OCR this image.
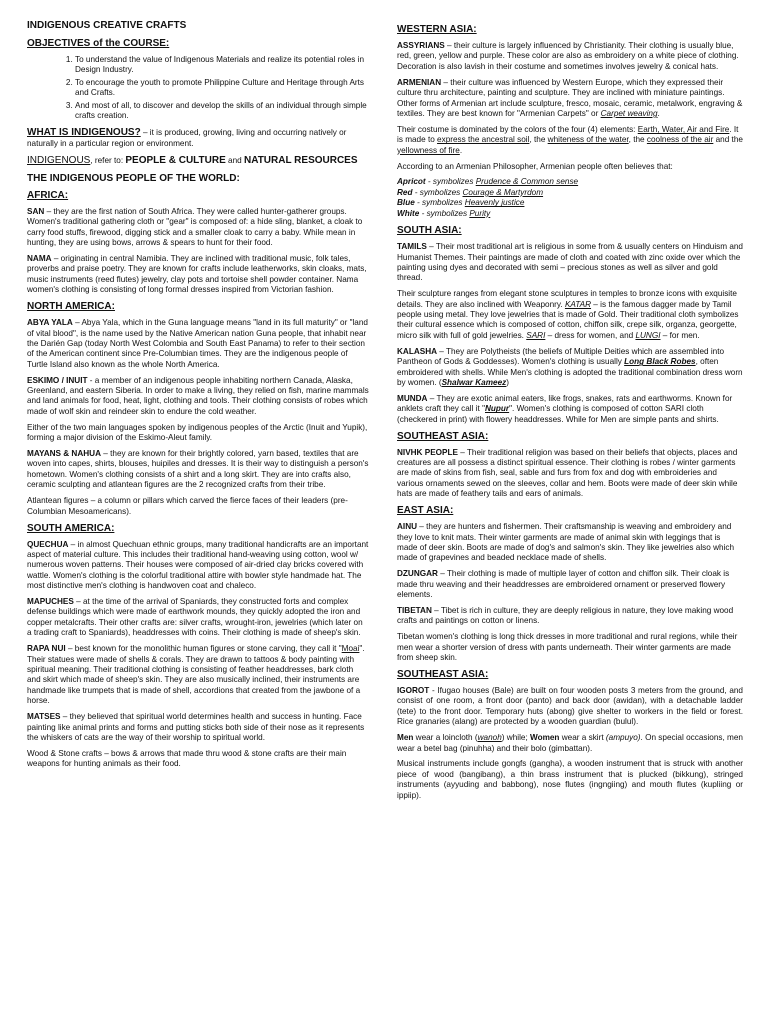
INDIGENOUS CREATIVE CRAFTS
OBJECTIVES of the COURSE:
1. To understand the value of Indigenous Materials and realize its potential roles in Design Industry.
2. To encourage the youth to promote Philippine Culture and Heritage through Arts and Crafts.
3. And most of all, to discover and develop the skills of an individual through simple crafts creation.

WHAT IS INDIGENOUS? – it is produced, growing, living and occurring natively or naturally in a particular region or environment.

INDIGENOUS, refer to: PEOPLE & CULTURE and NATURAL RESOURCES

THE INDIGENOUS PEOPLE OF THE WORLD:
AFRICA:

SAN – they are the first nation of South Africa. They were called hunter-gatherer groups. Women's traditional gathering cloth or "gear" is composed of: a hide sling, blanket, a cloak to carry food stuffs, firewood, digging stick and a smaller cloak to carry a baby. While mean in hunting, they are using bows, arrows & spears to hunt for their food.

NAMA – originating in central Namibia. They are inclined with traditional music, folk tales, proverbs and praise poetry. They are known for crafts include leatherworks, skin cloaks, mats, music instruments (reed flutes) jewelry, clay pots and tortoise shell powder container. Nama women's clothing is consisting of long formal dresses inspired from Victorian fashion.

NORTH AMERICA:

ABYA YALA – Abya Yala, which in the Guna language means "land in its full maturity" or "land of vital blood", is the name used by the Native American nation Guna people, that inhabit near the Darién Gap (today North West Colombia and South East Panama) to refer to their section of the American continent since Pre-Columbian times. They are the indigenous people of Turtle Island also known as the whole North America.

ESKIMO / INUIT - a member of an indigenous people inhabiting northern Canada, Alaska, Greenland, and eastern Siberia. In order to make a living, they relied on fish, marine mammals and land animals for food, heat, light, clothing and tools. Their clothing consists of robes which made of wolf skin and reindeer skin to endure the cold weather.

Either of the two main languages spoken by indigenous peoples of the Arctic (Inuit and Yupik), forming a major division of the Eskimo-Aleut family.

MAYANS & NAHUA – they are known for their brightly colored, yarn based, textiles that are woven into capes, shirts, blouses, huipiles and dresses. It is their way to distinguish a person's hometown. Women's clothing consists of a shirt and a long skirt. They are into crafts also, ceramic sculpting and atlantean figures are the 2 recognized crafts from their tribe.

Atlantean figures – a column or pillars which carved the fierce faces of their leaders (pre-Columbian Mesoamericans).

SOUTH AMERICA:

QUECHUA – in almost Quechuan ethnic groups, many traditional handicrafts are an important aspect of material culture. This includes their traditional hand-weaving using cotton, wool w/ numerous woven patterns. Their houses were composed of air-dried clay bricks covered with wattle. Women's clothing is the colorful traditional attire with bowler style handmade hat. The most distinctive men's clothing is handwoven coat and chaleco.

MAPUCHES – at the time of the arrival of Spaniards, they constructed forts and complex defense buildings which were made of earthwork mounds, they quickly adopted the iron and copper metalcrafts. Their other crafts are: silver crafts, wrought-iron, jewelries (which later on a trading craft to Spaniards), headdresses with coins. Their clothing is made of sheep's skin.

RAPA NUI – best known for the monolithic human figures or stone carving, they call it "Moai". Their statues were made of shells & corals. They are drawn to tattoos & body painting with spiritual meaning. Their traditional clothing is consisting of feather headdresses, bark cloth and skirt which made of sheep's skin. They are also musically inclined, their instruments are handmade like trumpets that is made of shell, accordions that created from the jawbone of a horse.

MATSES – they believed that spiritual world determines health and success in hunting. Face painting like animal prints and forms and putting sticks both side of their nose as it represents the whiskers of cats are the way of their worship to spiritual world.

Wood & Stone crafts – bows & arrows that made thru wood & stone crafts are their main weapons for hunting animals as their food.

WESTERN ASIA:

ASSYRIANS – their culture is largely influenced by Christianity. Their clothing is usually blue, red, green, yellow and purple. These color are also as embroidery on a white piece of clothing. Decoration is also lavish in their costume and sometimes involves jewelry & conical hats.

ARMENIAN – their culture was influenced by Western Europe, which they expressed their culture thru architecture, painting and sculpture. They are inclined with miniature paintings. Other forms of Armenian art include sculpture, fresco, mosaic, ceramic, metalwork, engraving & textiles. They are best known for "Armenian Carpets" or Carpet weaving.

Their costume is dominated by the colors of the four (4) elements: Earth, Water, Air and Fire. It is made to express the ancestral soil, the whiteness of the water, the coolness of the air and the yellowness of fire.

According to an Armenian Philosopher, Armenian people often believes that:

Apricot - symbolizes Prudence & Common sense
Red - symbolizes Courage & Martyrdom
Blue - symbolizes Heavenly justice
White - symbolizes Purity
SOUTH ASIA:

TAMILS – Their most traditional art is religious in some from & usually centers on Hinduism and Humanist Themes. Their paintings are made of cloth and coated with zinc oxide over which the painting using dyes and decorated with semi – precious stones as well as silver and gold thread.

Their sculpture ranges from elegant stone sculptures in temples to bronze icons with exquisite details. They are also inclined with Weaponry. KATAR – is the famous dagger made by Tamil people using metal. They love jewelries that is made of Gold. Their traditional cloth symbolizes their cultural essence which is composed of cotton, chiffon silk, crepe silk, organza, georgette, micro silk with full of gold jewelries. SARI – dress for women, and LUNGI – for men.

KALASHA – They are Polytheists (the beliefs of Multiple Deities which are assembled into Pantheon of Gods & Goddesses). Women's clothing is usually Long Black Robes, often embroidered with shells. While Men's clothing is adopted the traditional combination dress worn by women. (Shalwar Kameez)

MUNDA – They are exotic animal eaters, like frogs, snakes, rats and earthworms. Known for anklets craft they call it "Nupur". Women's clothing is composed of cotton SARI cloth (checkered in print) with flowery headdresses. While for Men are simple pants and shirts.

SOUTHEAST ASIA:

NIVHK PEOPLE – Their traditional religion was based on their beliefs that objects, places and creatures are all possess a distinct spiritual essence. Their clothing is robes / winter garments are made of skins from fish, seal, sable and furs from fox and dog with embroideries and various ornaments sewed on the sleeves, collar and hem. Boots were made of deer skin while hats are made of feathery tails and ears of animals.

EAST ASIA:

AINU – they are hunters and fishermen. Their craftsmanship is weaving and embroidery and they love to knit mats. Their winter garments are made of animal skin with leggings that is made of deer skin. Boots are made of dog's and salmon's skin. They like jewelries also which made of grapevines and beaded necklace made of shells.

DZUNGAR – Their clothing is made of multiple layer of cotton and chiffon silk. Their cloak is made thru weaving and their headdresses are embroidered ornament or preserved flowery elements.

TIBETAN – Tibet is rich in culture, they are deeply religious in nature, they love making wood crafts and paintings on cotton or linens.

Tibetan women's clothing is long thick dresses in more traditional and rural regions, while their men wear a shorter version of dress with pants underneath. Their winter garments are made from sheep skin.

SOUTHEAST ASIA:

IGOROT - Ifugao houses (Bale) are built on four wooden posts 3 meters from the ground, and consist of one room, a front door (panto) and back door (awidan), with a detachable ladder (tete) to the front door. Temporary huts (abong) give shelter to workers in the field or forest. Rice granaries (alang) are protected by a wooden guardian (bulul).

Men wear a loincloth (wanoh) while; Women wear a skirt (ampuyo). On special occasions, men wear a betel bag (pinuhha) and their bolo (gimbattan).

Musical instruments include gongfs (gangha), a wooden instrument that is struck with another piece of wood (bangibang), a thin brass instrument that is plucked (bikkung), stringed instruments (ayyuding and babbong), nose flutes (ingngiing) and mouth flutes (kupliing or ippiip).
